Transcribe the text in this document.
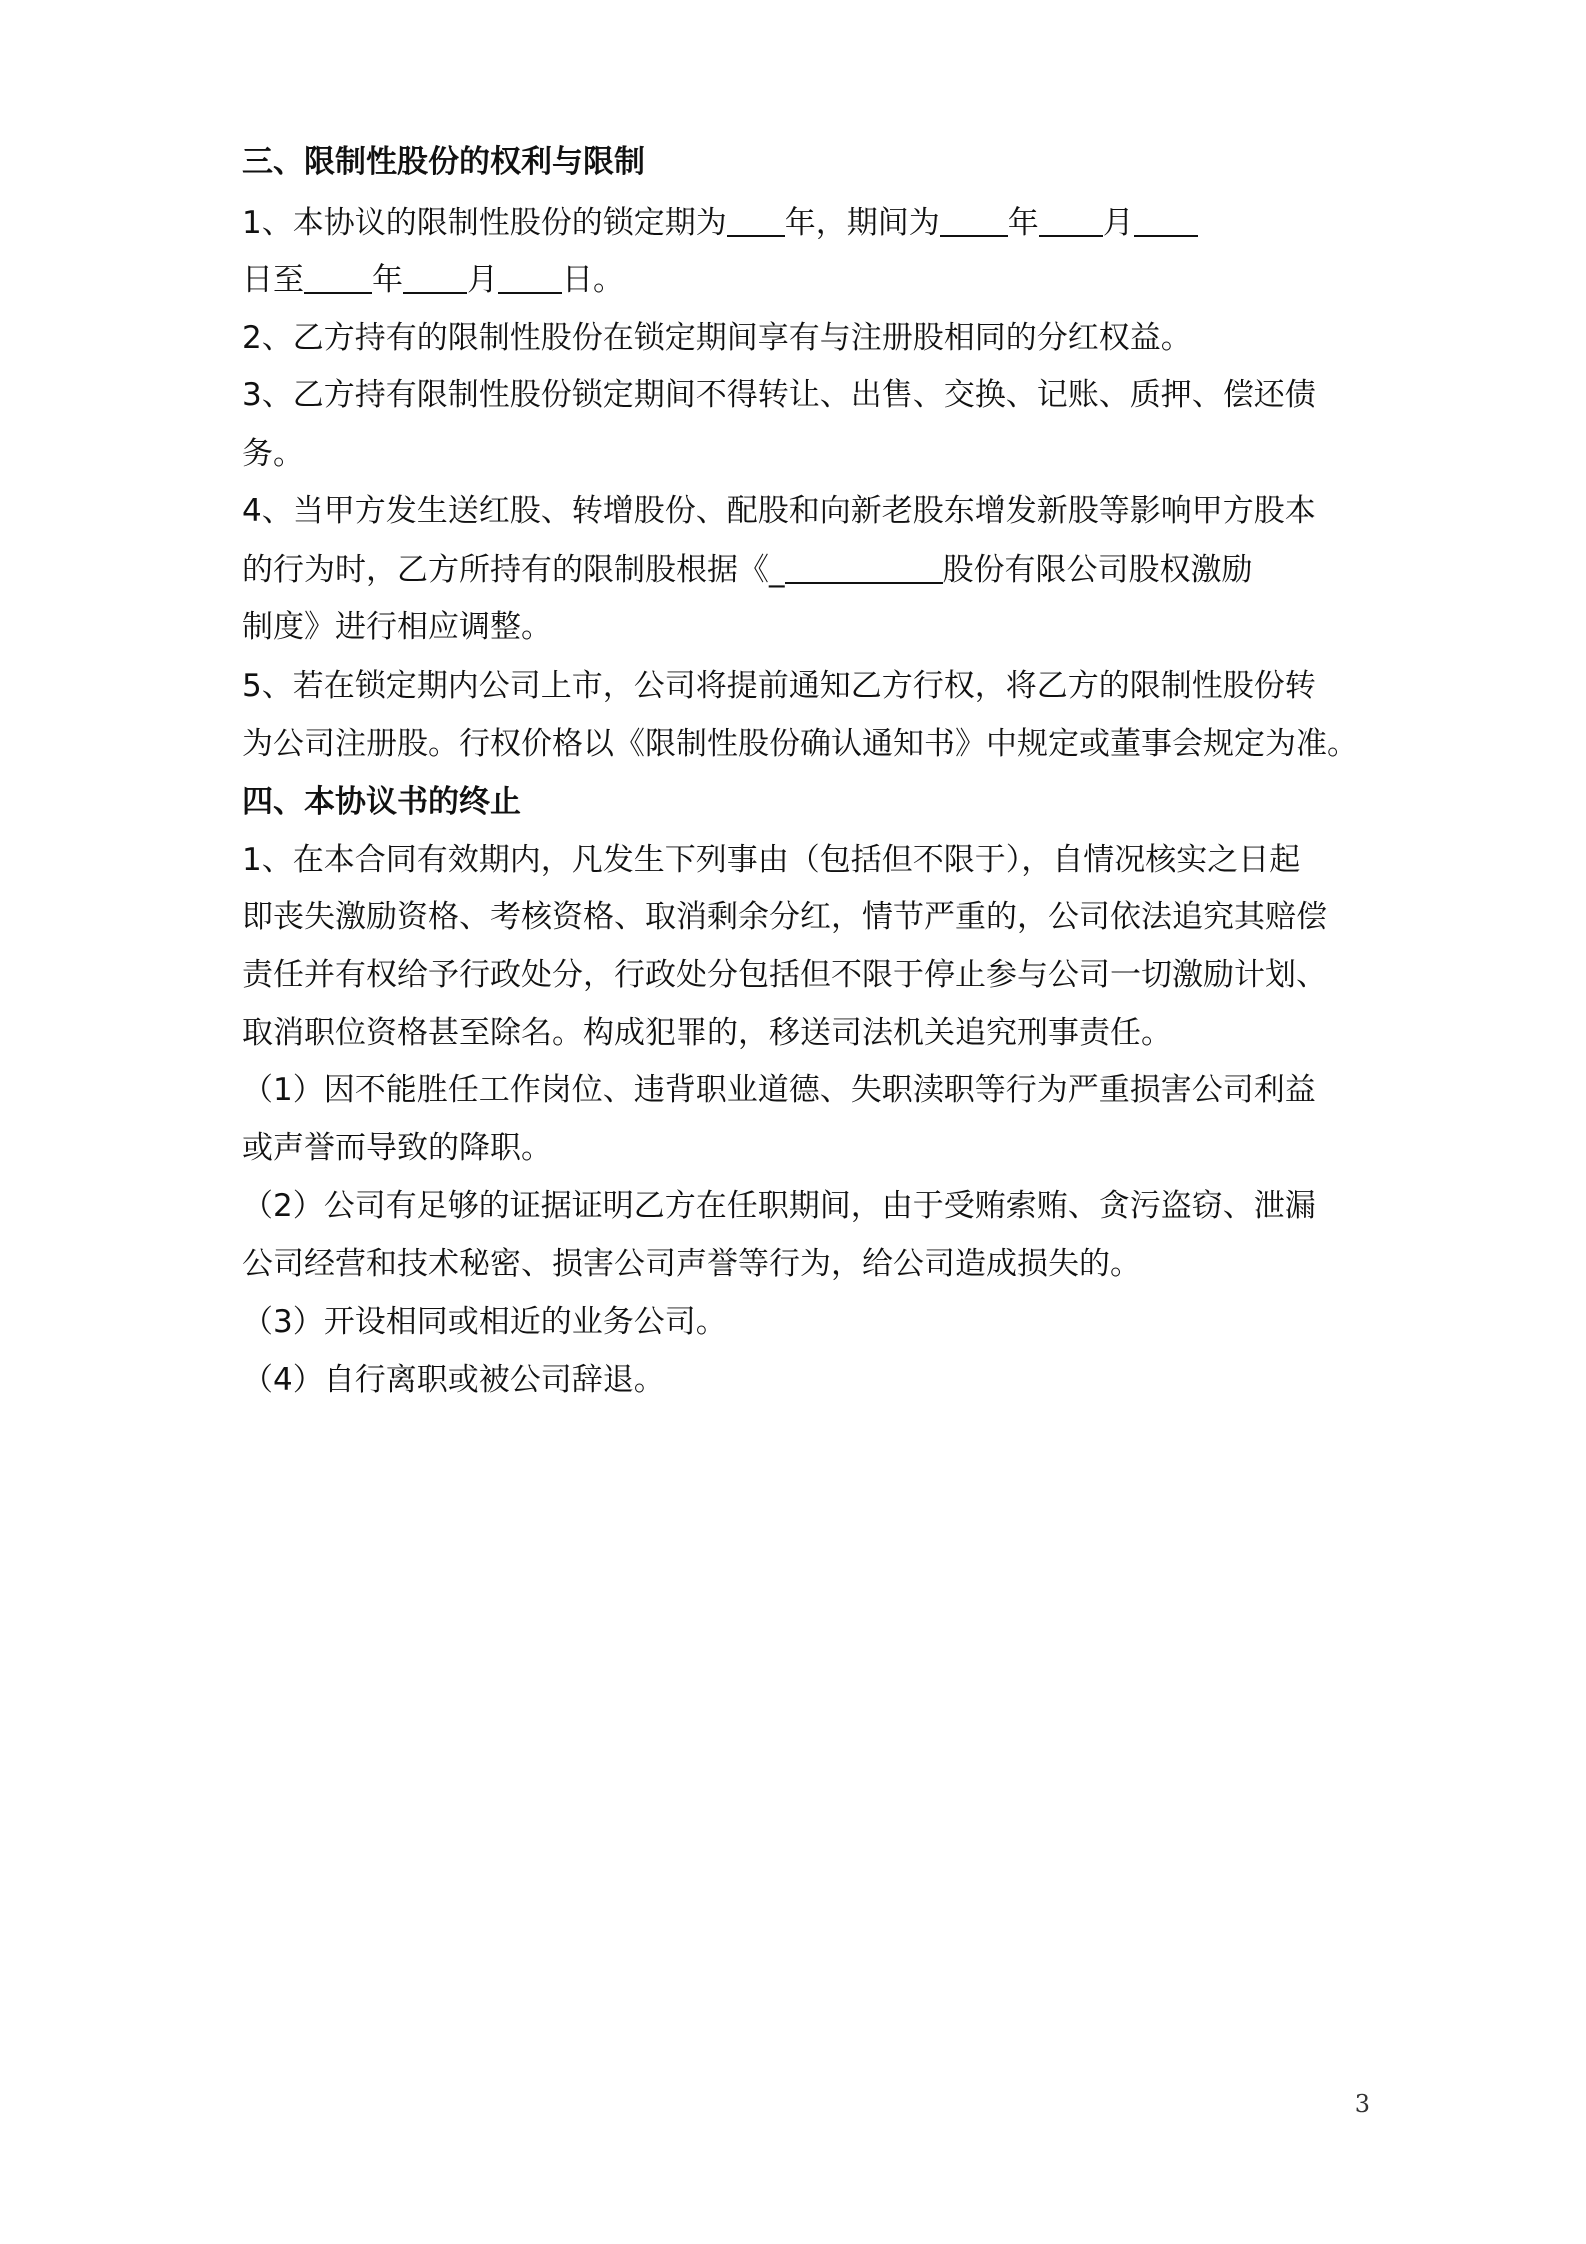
三、限制性股份的权利与限制
1、本协议的限制性股份的锁定期为 年，期间为 年 月
日至 年 月 日。
2、乙方持有的限制性股份在锁定期间享有与注册股相同的分红权益。
3、乙方持有限制性股份锁定期间不得转让、出售、交换、记账、质押、偿还债
务。
4、当甲方发生送红股、转增股份、配股和向新老股东增发新股等影响甲方股本
的行为时，乙方所持有的限制股根据《_	股份有限公司股权激励
制度》进行相应调整。
5、若在锁定期内公司上市，公司将提前通知乙方行权，将乙方的限制性股份转
为公司注册股。行权价格以《限制性股份确认通知书》中规定或董事会规定为准。
四、本协议书的终止
1、在本合同有效期内，凡发生下列事由（包括但不限于），自情况核实之日起
即丧失激励资格、考核资格、取消剩余分红，情节严重的，公司依法追究其赔偿
责任并有权给予行政处分，行政处分包括但不限于停止参与公司一切激励计划、
取消职位资格甚至除名。构成犯罪的，移送司法机关追究刑事责任。
（1）因不能胜任工作岗位、违背职业道德、失职渎职等行为严重损害公司利益
或声誉而导致的降职。
（2）公司有足够的证据证明乙方在任职期间，由于受贿索贿、贪污盗窃、泄漏
公司经营和技术秘密、损害公司声誉等行为，给公司造成损失的。
（3）开设相同或相近的业务公司。
（4）自行离职或被公司辞退。
3
